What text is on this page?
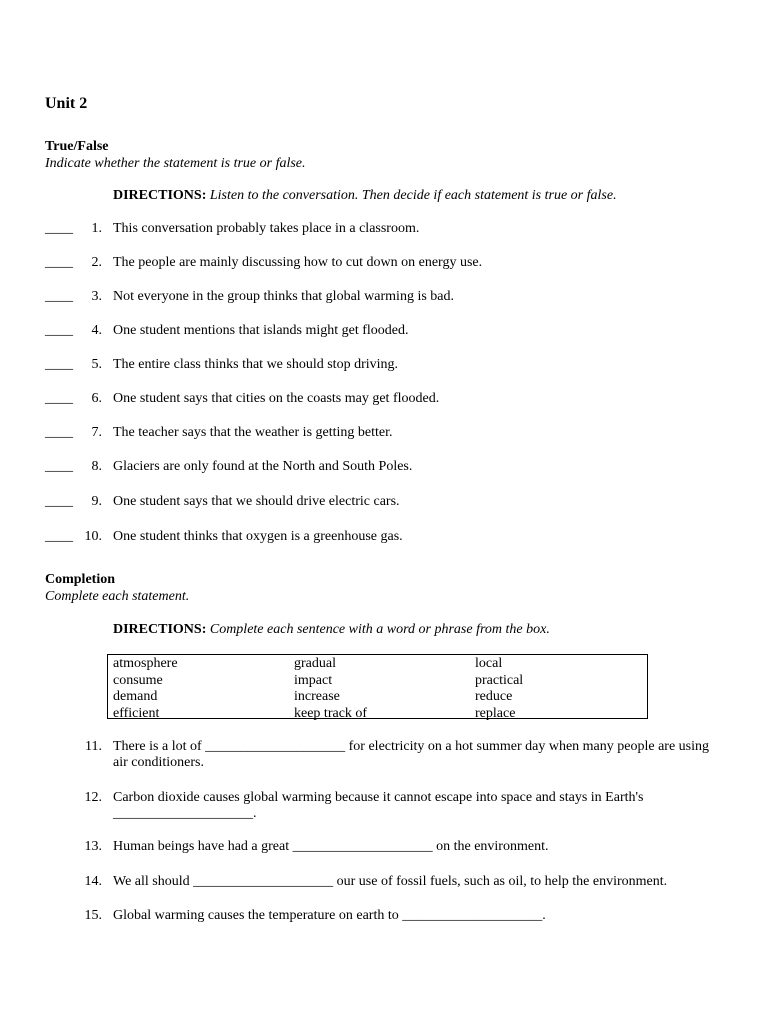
Unit 2
True/False
Indicate whether the statement is true or false.
DIRECTIONS: Listen to the conversation. Then decide if each statement is true or false.
____	1. This conversation probably takes place in a classroom.
____	2. The people are mainly discussing how to cut down on energy use.
____	3. Not everyone in the group thinks that global warming is bad.
____	4. One student mentions that islands might get flooded.
____	5. The entire class thinks that we should stop driving.
____	6. One student says that cities on the coasts may get flooded.
____	7. The teacher says that the weather is getting better.
____	8. Glaciers are only found at the North and South Poles.
____	9. One student says that we should drive electric cars.
____ 10. One student thinks that oxygen is a greenhouse gas.
Completion
Complete each statement.
DIRECTIONS: Complete each sentence with a word or phrase from the box.
atmosphere	gradual	local
consume	impact	practical
demand	increase	reduce
efficient	keep track of	replace
11. There is a lot of ____________________ for electricity on a hot summer day when many people are using air conditioners.
12. Carbon dioxide causes global warming because it cannot escape into space and stays in Earth's ____________________.
13. Human beings have had a great ____________________ on the environment.
14. We all should ____________________ our use of fossil fuels, such as oil, to help the environment.
15. Global warming causes the temperature on earth to ____________________.
